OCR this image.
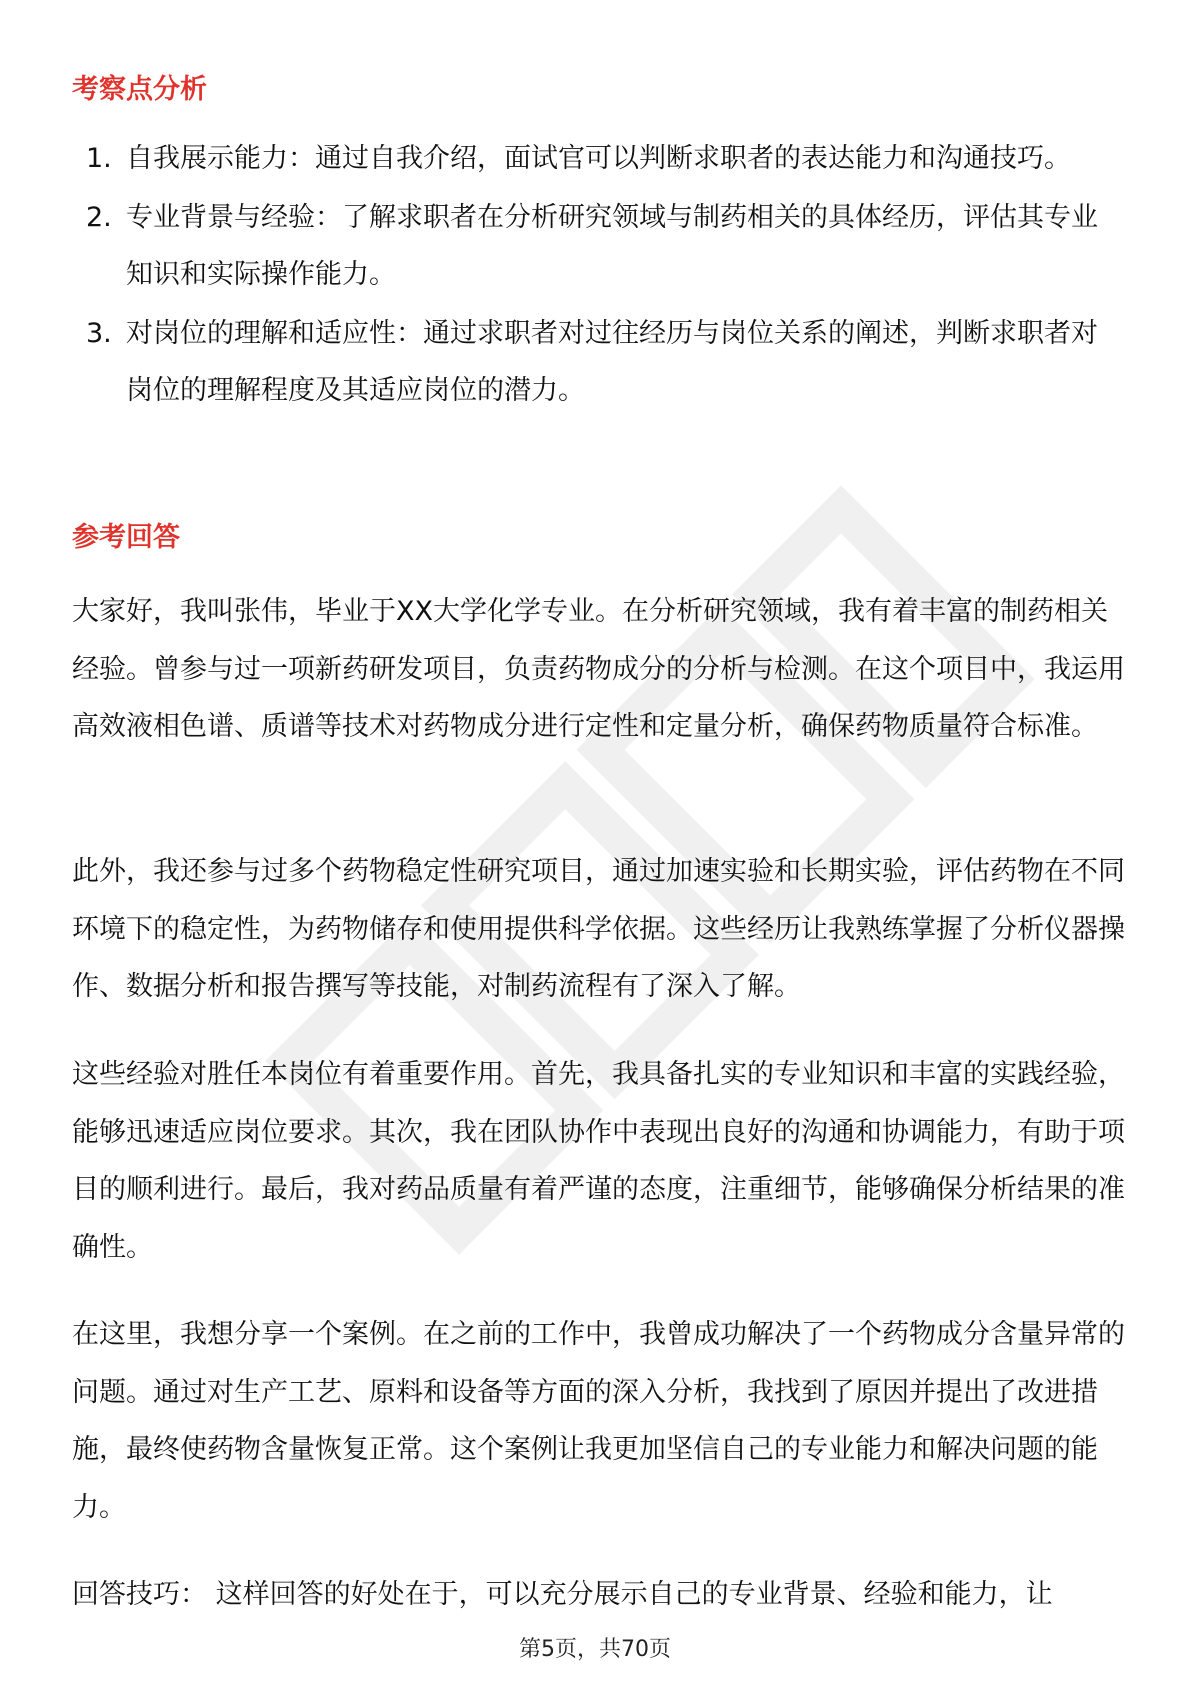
考察点分析
1. 自我展示能力：通过自我介绍，面试官可以判断求职者的表达能力和沟通技巧。
2. 专业背景与经验：了解求职者在分析研究领域与制药相关的具体经历，评估其专业知识和实际操作能力。
3. 对岗位的理解和适应性：通过求职者对过往经历与岗位关系的阐述，判断求职者对岗位的理解程度及其适应岗位的潜力。
参考回答

大家好，我叫张伟，毕业于XX大学化学专业。在分析研究领域，我有着丰富的制药相关经验。曾参与过一项新药研发项目，负责药物成分的分析与检测。在这个项目中，我运用高效液相色谱、质谱等技术对药物成分进行定性和定量分析，确保药物质量符合标准。

此外，我还参与过多个药物稳定性研究项目，通过加速实验和长期实验，评估药物在不同环境下的稳定性，为药物储存和使用提供科学依据。这些经历让我熟练掌握了分析仪器操作、数据分析和报告撰写等技能，对制药流程有了深入了解。

这些经验对胜任本岗位有着重要作用。首先，我具备扎实的专业知识和丰富的实践经验，能够迅速适应岗位要求。其次，我在团队协作中表现出良好的沟通和协调能力，有助于项目的顺利进行。最后，我对药品质量有着严谨的态度，注重细节，能够确保分析结果的准确性。

在这里，我想分享一个案例。在之前的工作中，我曾成功解决了一个药物成分含量异常的问题。通过对生产工艺、原料和设备等方面的深入分析，我找到了原因并提出了改进措施，最终使药物含量恢复正常。这个案例让我更加坚信自己的专业能力和解决问题的能力。

回答技巧： 这样回答的好处在于，可以充分展示自己的专业背景、经验和能力，让

第5页，共70页
